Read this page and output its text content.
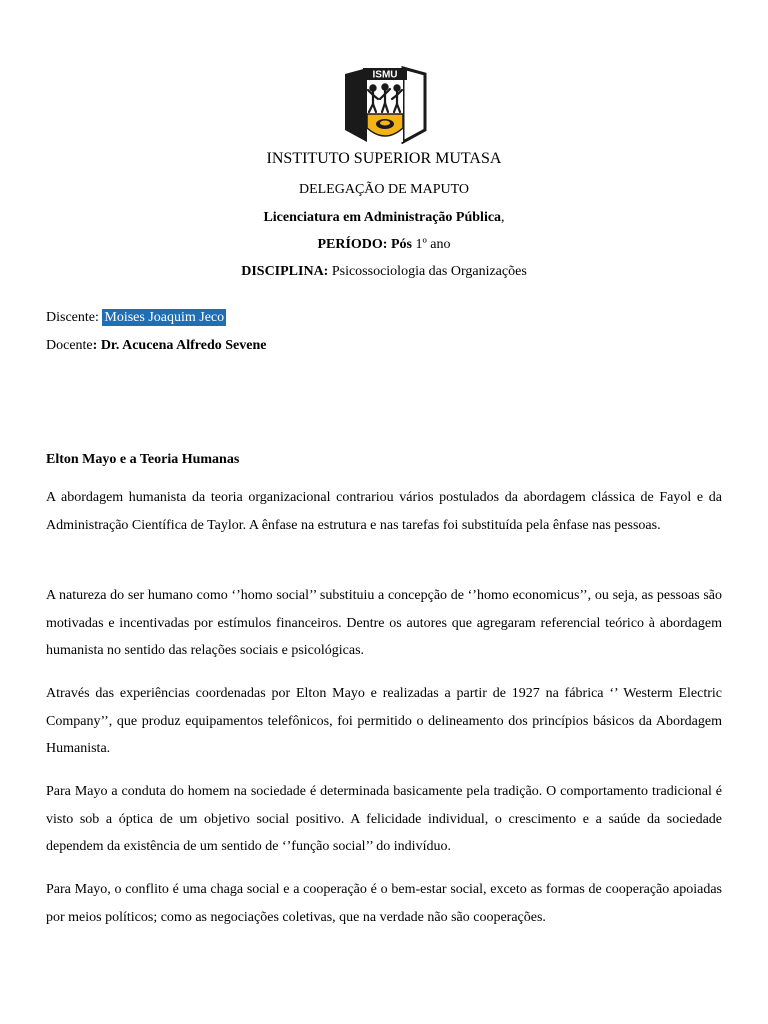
ISMU
INSTITUTO SUPERIOR MUTASA
DELEGAÇÃO DE MAPUTO
Licenciatura em Administração Pública,
PERÍODO: Pós 1º ano
DISCIPLINA: Psicossociologia das Organizações
Discente: Moises Joaquim Jeco
Docente: Dr. Acucena Alfredo Sevene
Elton Mayo e a Teoria Humanas

A abordagem humanista da teoria organizacional contrariou vários postulados da abordagem clássica de Fayol e da Administração Científica de Taylor. A ênfase na estrutura e nas tarefas foi substituída pela ênfase nas pessoas.

A natureza do ser humano como ‘’homo social’’ substituiu a concepção de ‘’homo economicus’’, ou seja, as pessoas são motivadas e incentivadas por estímulos financeiros. Dentre os autores que agregaram referencial teórico à abordagem humanista no sentido das relações sociais e psicológicas.

Através das experiências coordenadas por Elton Mayo e realizadas a partir de 1927 na fábrica ‘’ Westerm Electric Company’’, que produz equipamentos telefônicos, foi permitido o delineamento dos princípios básicos da Abordagem Humanista.

Para Mayo a conduta do homem na sociedade é determinada basicamente pela tradição. O comportamento tradicional é visto sob a óptica de um objetivo social positivo. A felicidade individual, o crescimento e a saúde da sociedade dependem da existência de um sentido de ‘’função social’’ do indivíduo.

Para Mayo, o conflito é uma chaga social e a cooperação é o bem-estar social, exceto as formas de cooperação apoiadas por meios políticos; como as negociações coletivas, que na verdade não são cooperações.
